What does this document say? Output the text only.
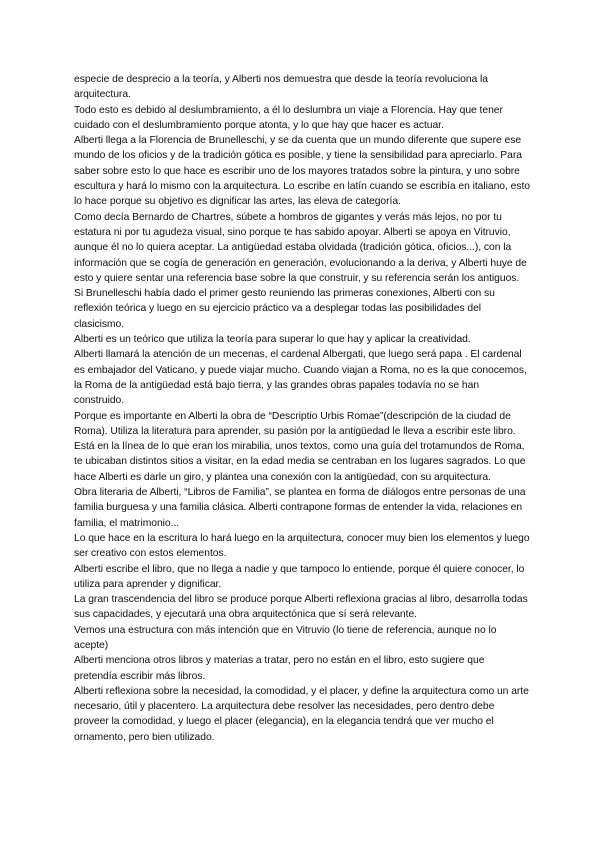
especie de desprecio a la teoría, y Alberti nos demuestra que desde la teoría revoluciona la arquitectura.

Todo esto es debido al deslumbramiento, a él lo deslumbra un viaje a Florencia. Hay que tener cuidado con el deslumbramiento porque atonta, y lo que hay que hacer es actuar.

Alberti llega a la Florencia de Brunelleschi, y se da cuenta que un mundo diferente que supere ese mundo de los oficios y de la tradición gótica es posible, y tiene la sensibilidad para apreciarlo. Para saber sobre esto lo que hace es escribir uno de los mayores tratados sobre la pintura, y uno sobre escultura y hará lo mismo con la arquitectura. Lo escribe en latín cuando se escribía en italiano, esto lo hace porque su objetivo es dignificar las artes, las eleva de categoría.

Como decía Bernardo de Chartres, súbete a hombros de gigantes y verás más lejos, no por tu estatura ni por tu agudeza visual, sino porque te has sabido apoyar. Alberti se apoya en Vitruvio, aunque él no lo quiera aceptar. La antigüedad estaba olvidada (tradición gótica, oficios...), con la información que se cogía de generación en generación, evolucionando a la deriva, y Alberti huye de esto y quiere sentar una referencia base sobre la que construir, y su referencia serán los antiguos.

Si Brunelleschi había dado el primer gesto reuniendo las primeras conexiones, Alberti con su reflexión teórica y luego en su ejercicio práctico va a desplegar todas las posibilidades del clasicismo.

Alberti es un teórico que utiliza la teoría para superar lo que hay y aplicar la creatividad.

Alberti llamará la atención de un mecenas, el cardenal Albergati, que luego será papa . El cardenal es embajador del Vaticano, y puede viajar mucho. Cuando viajan a Roma, no es la que conocemos, la Roma de la antigüedad está bajo tierra, y las grandes obras papales todavía no se han construido.

Porque es importante en Alberti la obra de “Descriptio Urbis Romae”(descripción de la ciudad de Roma). Utiliza la literatura para aprender, su pasión por la antigüedad le lleva a escribir este libro. Está en la línea de lo que eran los mirabilia, unos textos, como una guía del trotamundos de Roma, te ubicaban distintos sitios a visitar, en la edad media se centraban en los lugares sagrados. Lo que hace Alberti es darle un giro, y plantea una conexión con la antigüedad, con su arquitectura.

Obra literaria de Alberti, “Libros de Familia”, se plantea en forma de diálogos entre personas de una familia burguesa y una familia clásica. Alberti contrapone formas de entender la vida, relaciones en familia, el matrimonio...

Lo que hace en la escritura lo hará luego en la arquitectura, conocer muy bien los elementos y luego ser creativo con estos elementos.

Alberti escribe el libro, que no llega a nadie y que tampoco lo entiende, porque él quiere conocer, lo utiliza para aprender y dignificar.

La gran trascendencia del libro se produce porque Alberti reflexiona gracias al libro, desarrolla todas sus capacidades, y ejecutará una obra arquitectónica que sí será relevante.

Vemos una estructura con más intención que en Vitruvio (lo tiene de referencia, aunque no lo acepte)

Alberti menciona otros libros y materias a tratar, pero no están en el libro, esto sugiere que pretendía escribir más libros.

Alberti reflexiona sobre la necesidad, la comodidad, y el placer, y define la arquitectura como un arte necesario, útil y placentero. La arquitectura debe resolver las necesidades, pero dentro debe proveer la comodidad, y luego el placer (elegancia), en la elegancia tendrá que ver mucho el ornamento, pero bien utilizado.
